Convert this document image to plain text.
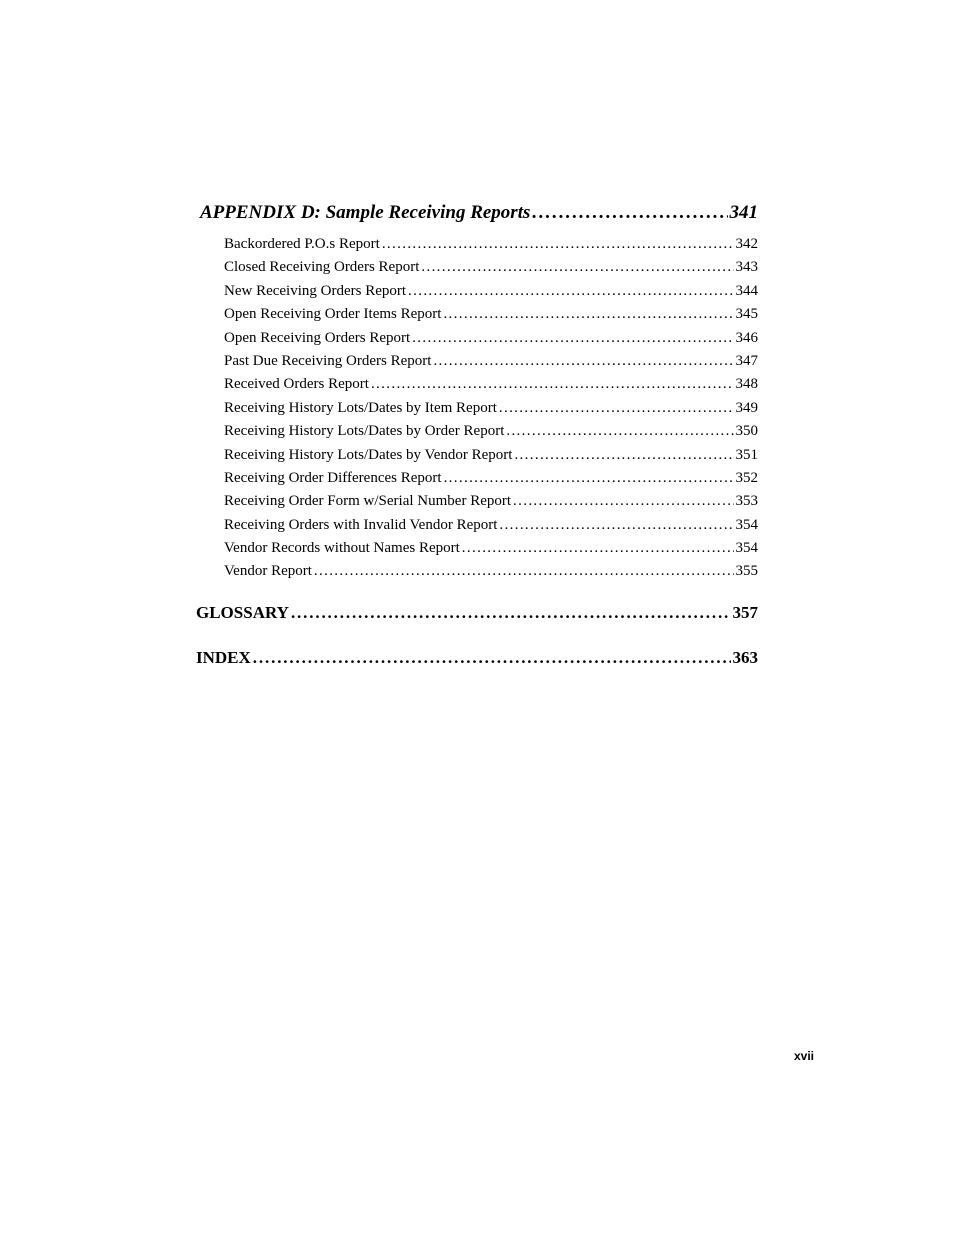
APPENDIX D: Sample Receiving Reports . . .	341
Backordered P.O.s Report . . .	342
Closed Receiving Orders Report . . .	343
New Receiving Orders Report . . .	344
Open Receiving Order Items Report . . .	345
Open Receiving Orders Report . . .	346
Past Due Receiving Orders Report . . .	347
Received Orders Report . . .	348
Receiving History Lots/Dates by Item Report . . .	349
Receiving History Lots/Dates by Order Report . . .	350
Receiving History Lots/Dates by Vendor Report . . .	351
Receiving Order Differences Report . . .	352
Receiving Order Form w/Serial Number Report . . .	353
Receiving Orders with Invalid Vendor Report . . .	354
Vendor Records without Names Report . . .	354
Vendor Report . . .	355
GLOSSARY . . .	357
INDEX . . .	363
xvii
